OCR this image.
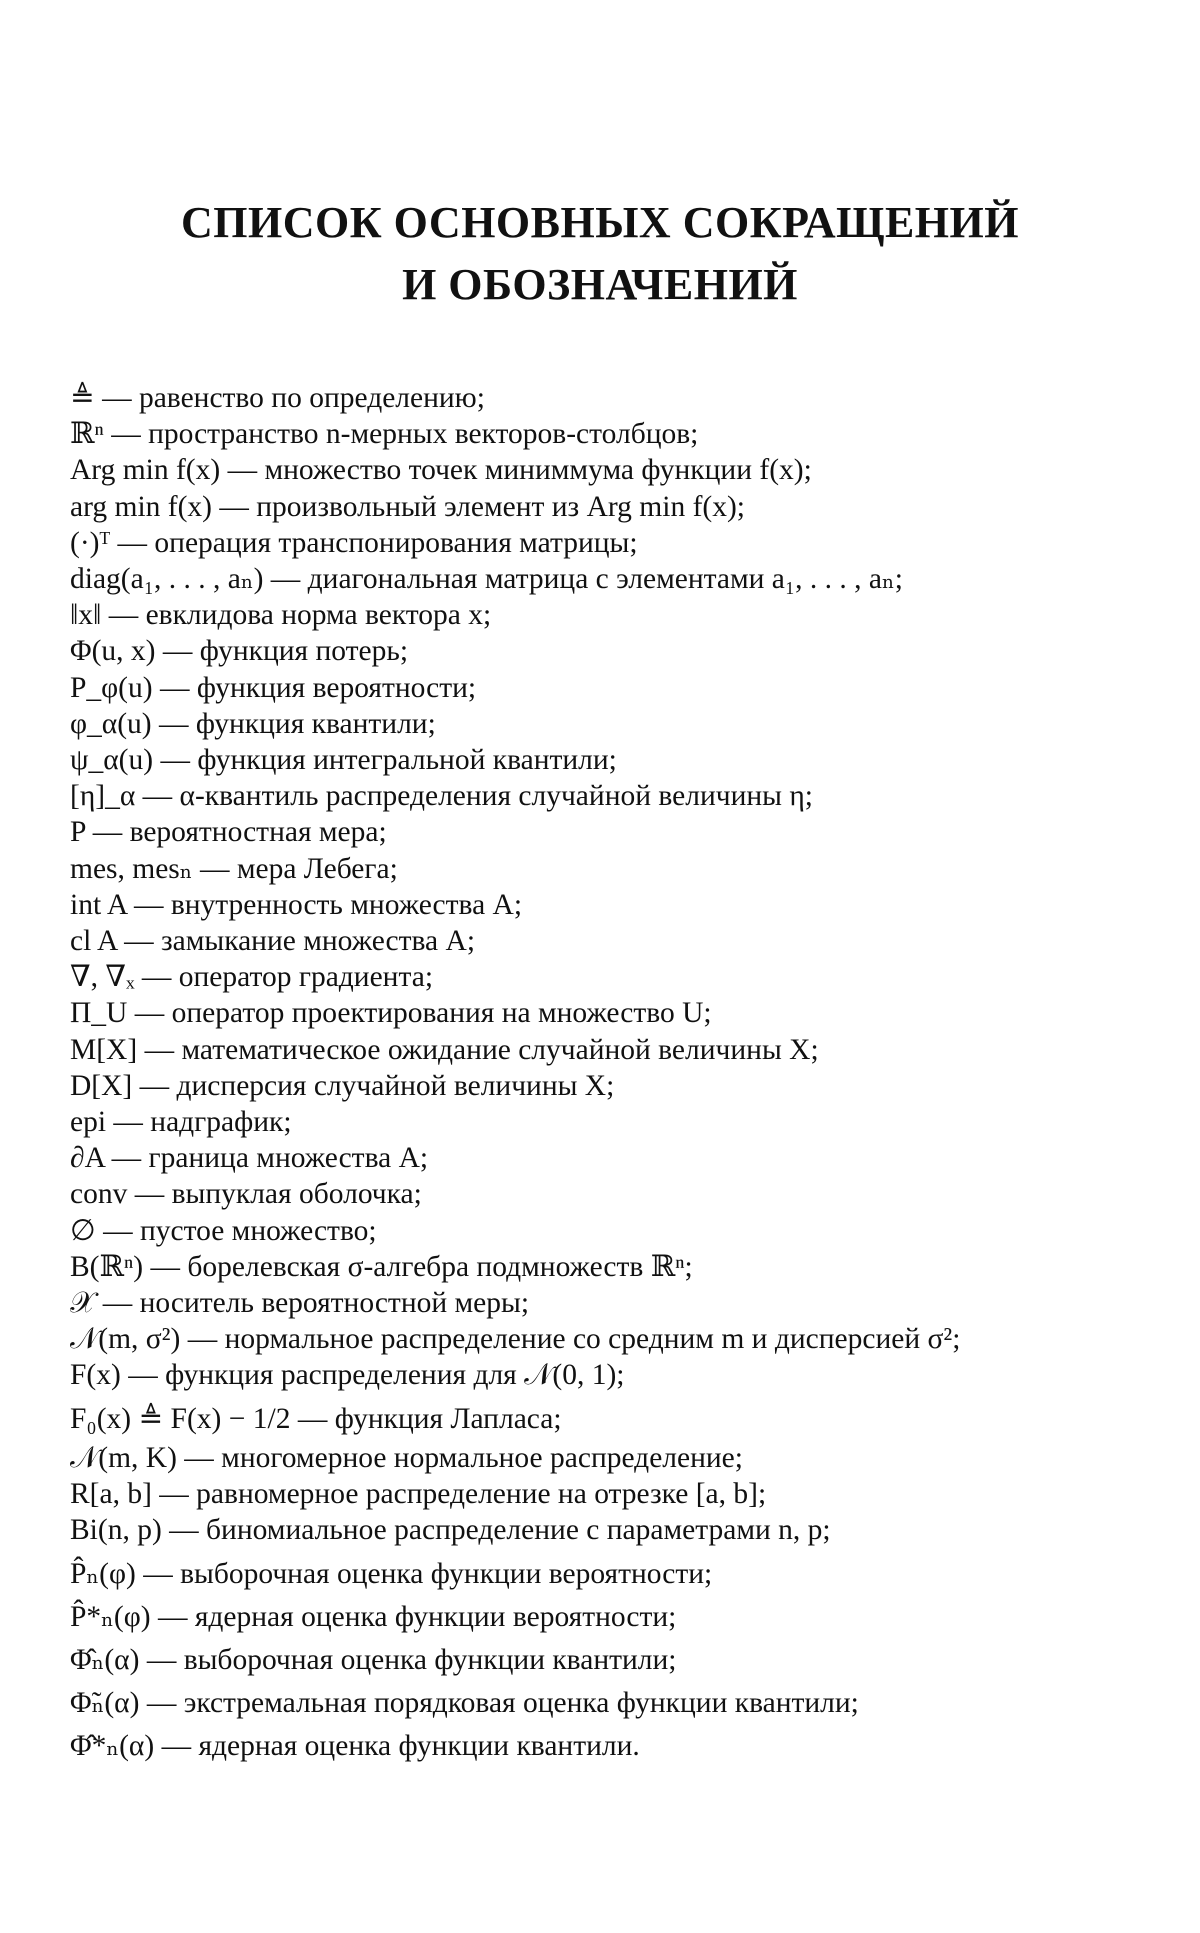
СПИСОК ОСНОВНЫХ СОКРАЩЕНИЙ
И ОБОЗНАЧЕНИЙ
≜ — равенство по определению;
ℝⁿ — пространство n-мерных векторов-столбцов;
Arg min f(x) — множество точек миниммума функции f(x);
arg min f(x) — произвольный элемент из Arg min f(x);
(·)ᵀ — операция транспонирования матрицы;
diag(a₁, . . . , aₙ) — диагональная матрица с элементами a₁, . . . , aₙ;
‖x‖ — евклидова норма вектора x;
Φ(u, x) — функция потерь;
P_φ(u) — функция вероятности;
φ_α(u) — функция квантили;
ψ_α(u) — функция интегральной квантили;
[η]_α — α-квантиль распределения случайной величины η;
P — вероятностная мера;
mes, mesₙ — мера Лебега;
int A — внутренность множества A;
cl A — замыкание множества A;
∇, ∇ₓ — оператор градиента;
Π_U — оператор проектирования на множество U;
M[X] — математическое ожидание случайной величины X;
D[X] — дисперсия случайной величины X;
epi — надграфик;
∂A — граница множества A;
conv — выпуклая оболочка;
∅ — пустое множество;
B(ℝⁿ) — борелевская σ-алгебра подмножеств ℝⁿ;
𝒳 — носитель вероятностной меры;
𝒩(m, σ²) — нормальное распределение со средним m и дисперсией σ²;
F(x) — функция распределения для 𝒩(0, 1);
F₀(x) ≜ F(x) − 1/2 — функция Лапласа;
𝒩(m, K) — многомерное нормальное распределение;
R[a, b] — равномерное распределение на отрезке [a, b];
Bi(n, p) — биномиальное распределение с параметрами n, p;
P̂ₙ(φ) — выборочная оценка функции вероятности;
P̂*ₙ(φ) — ядерная оценка функции вероятности;
Φ̂ₙ(α) — выборочная оценка функции квантили;
Φ̃ₙ(α) — экстремальная порядковая оценка функции квантили;
Φ̂*ₙ(α) — ядерная оценка функции квантили.
